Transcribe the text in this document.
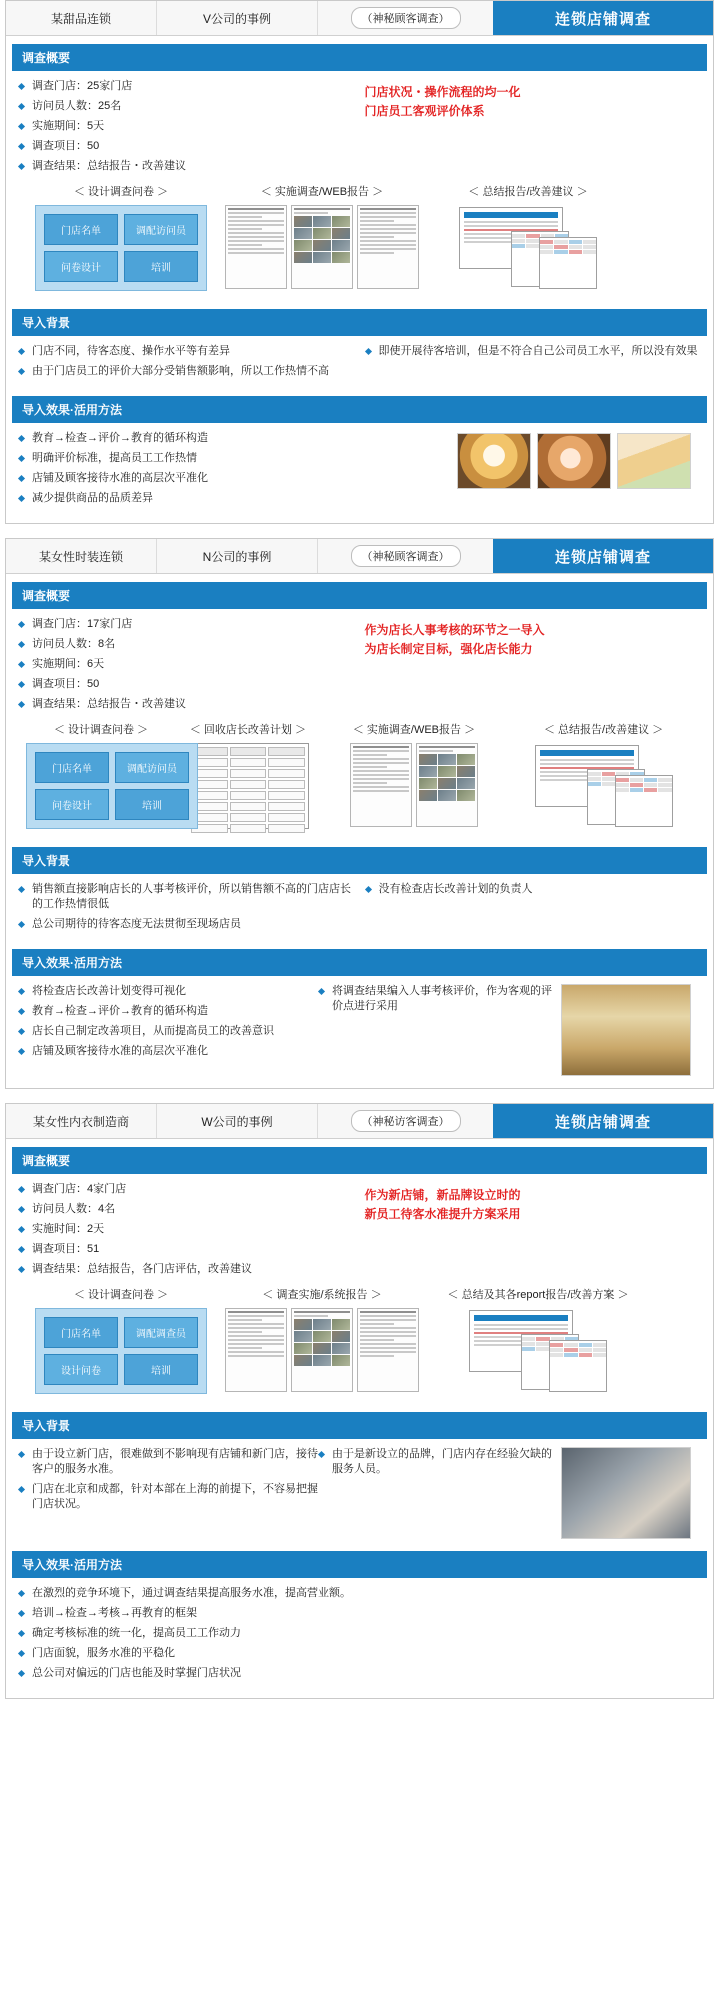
某甜品连锁	V公司的事例	（神秘顾客调查）	连锁店铺调查
调查概要
调查门店：25家门店
访问员人数：25名
实施期间：5天
调查项目：50
调查结果：总结报告・改善建议
门店状况・操作流程的均一化
门店员工客观评价体系
＜ 设计调查问卷 ＞
门店名单	调配访问员
问卷设计	培训
＜ 实施调查/WEB报告 ＞	＜ 总结报告/改善建议 ＞
导入背景
门店不同，待客态度、操作水平等有差异
由于门店员工的评价大部分受销售额影响，所以工作热情不高
即使开展待客培训，但是不符合自己公司员工水平，所以没有效果
导入效果·活用方法
教育→检查→评价→教育的循环构造
明确评价标准，提高员工工作热情
店铺及顾客接待水准的高层次平准化
减少提供商品的品质差异
某女性时装连锁	N公司的事例	（神秘顾客调查）	连锁店铺调查
调查概要
调查门店：17家门店
访问员人数：8名
实施期间：6天
调查项目：50
调查结果：总结报告・改善建议
作为店长人事考核的环节之一导入
为店长制定目标，强化店长能力
＜ 设计调查问卷 ＞
门店名单	调配访问员
问卷设计	培训
＜ 回收店长改善计划 ＞	＜ 实施调查/WEB报告 ＞	＜ 总结报告/改善建议 ＞
导入背景
销售额直接影响店长的人事考核评价，所以销售额不高的门店店长的工作热情很低
总公司期待的待客态度无法贯彻至现场店员
没有检查店长改善计划的负责人
导入效果·活用方法
将检查店长改善计划变得可视化
教育→检查→评价→教育的循环构造
店长自己制定改善项目，从而提高员工的改善意识
店铺及顾客接待水准的高层次平准化
将调查结果编入人事考核评价，作为客观的评价点进行采用
某女性内衣制造商	W公司的事例	（神秘访客调查）	连锁店铺调查
调查概要
调查门店：4家门店
访问员人数：4名
实施时间：2天
调查项目：51
调查结果：总结报告，各门店评估，改善建议
作为新店铺，新品牌设立时的
新员工待客水准提升方案采用
＜ 设计调查问卷 ＞
门店名单	调配调查员
设计问卷	培训
＜ 调查实施/系统报告 ＞	＜ 总结及其各report报告/改善方案 ＞
导入背景
由于设立新门店，很难做到不影响现有店铺和新门店，接待客户的服务水准。
门店在北京和成都，针对本部在上海的前提下，不容易把握门店状况。
由于是新设立的品牌，门店内存在经验欠缺的服务人员。
导入效果·活用方法
在激烈的竞争环境下，通过调查结果提高服务水准，提高营业额。
培训→检查→考核→再教育的框架
确定考核标准的统一化，提高员工工作动力
门店面貌，服务水准的平稳化
总公司对偏远的门店也能及时掌握门店状况
